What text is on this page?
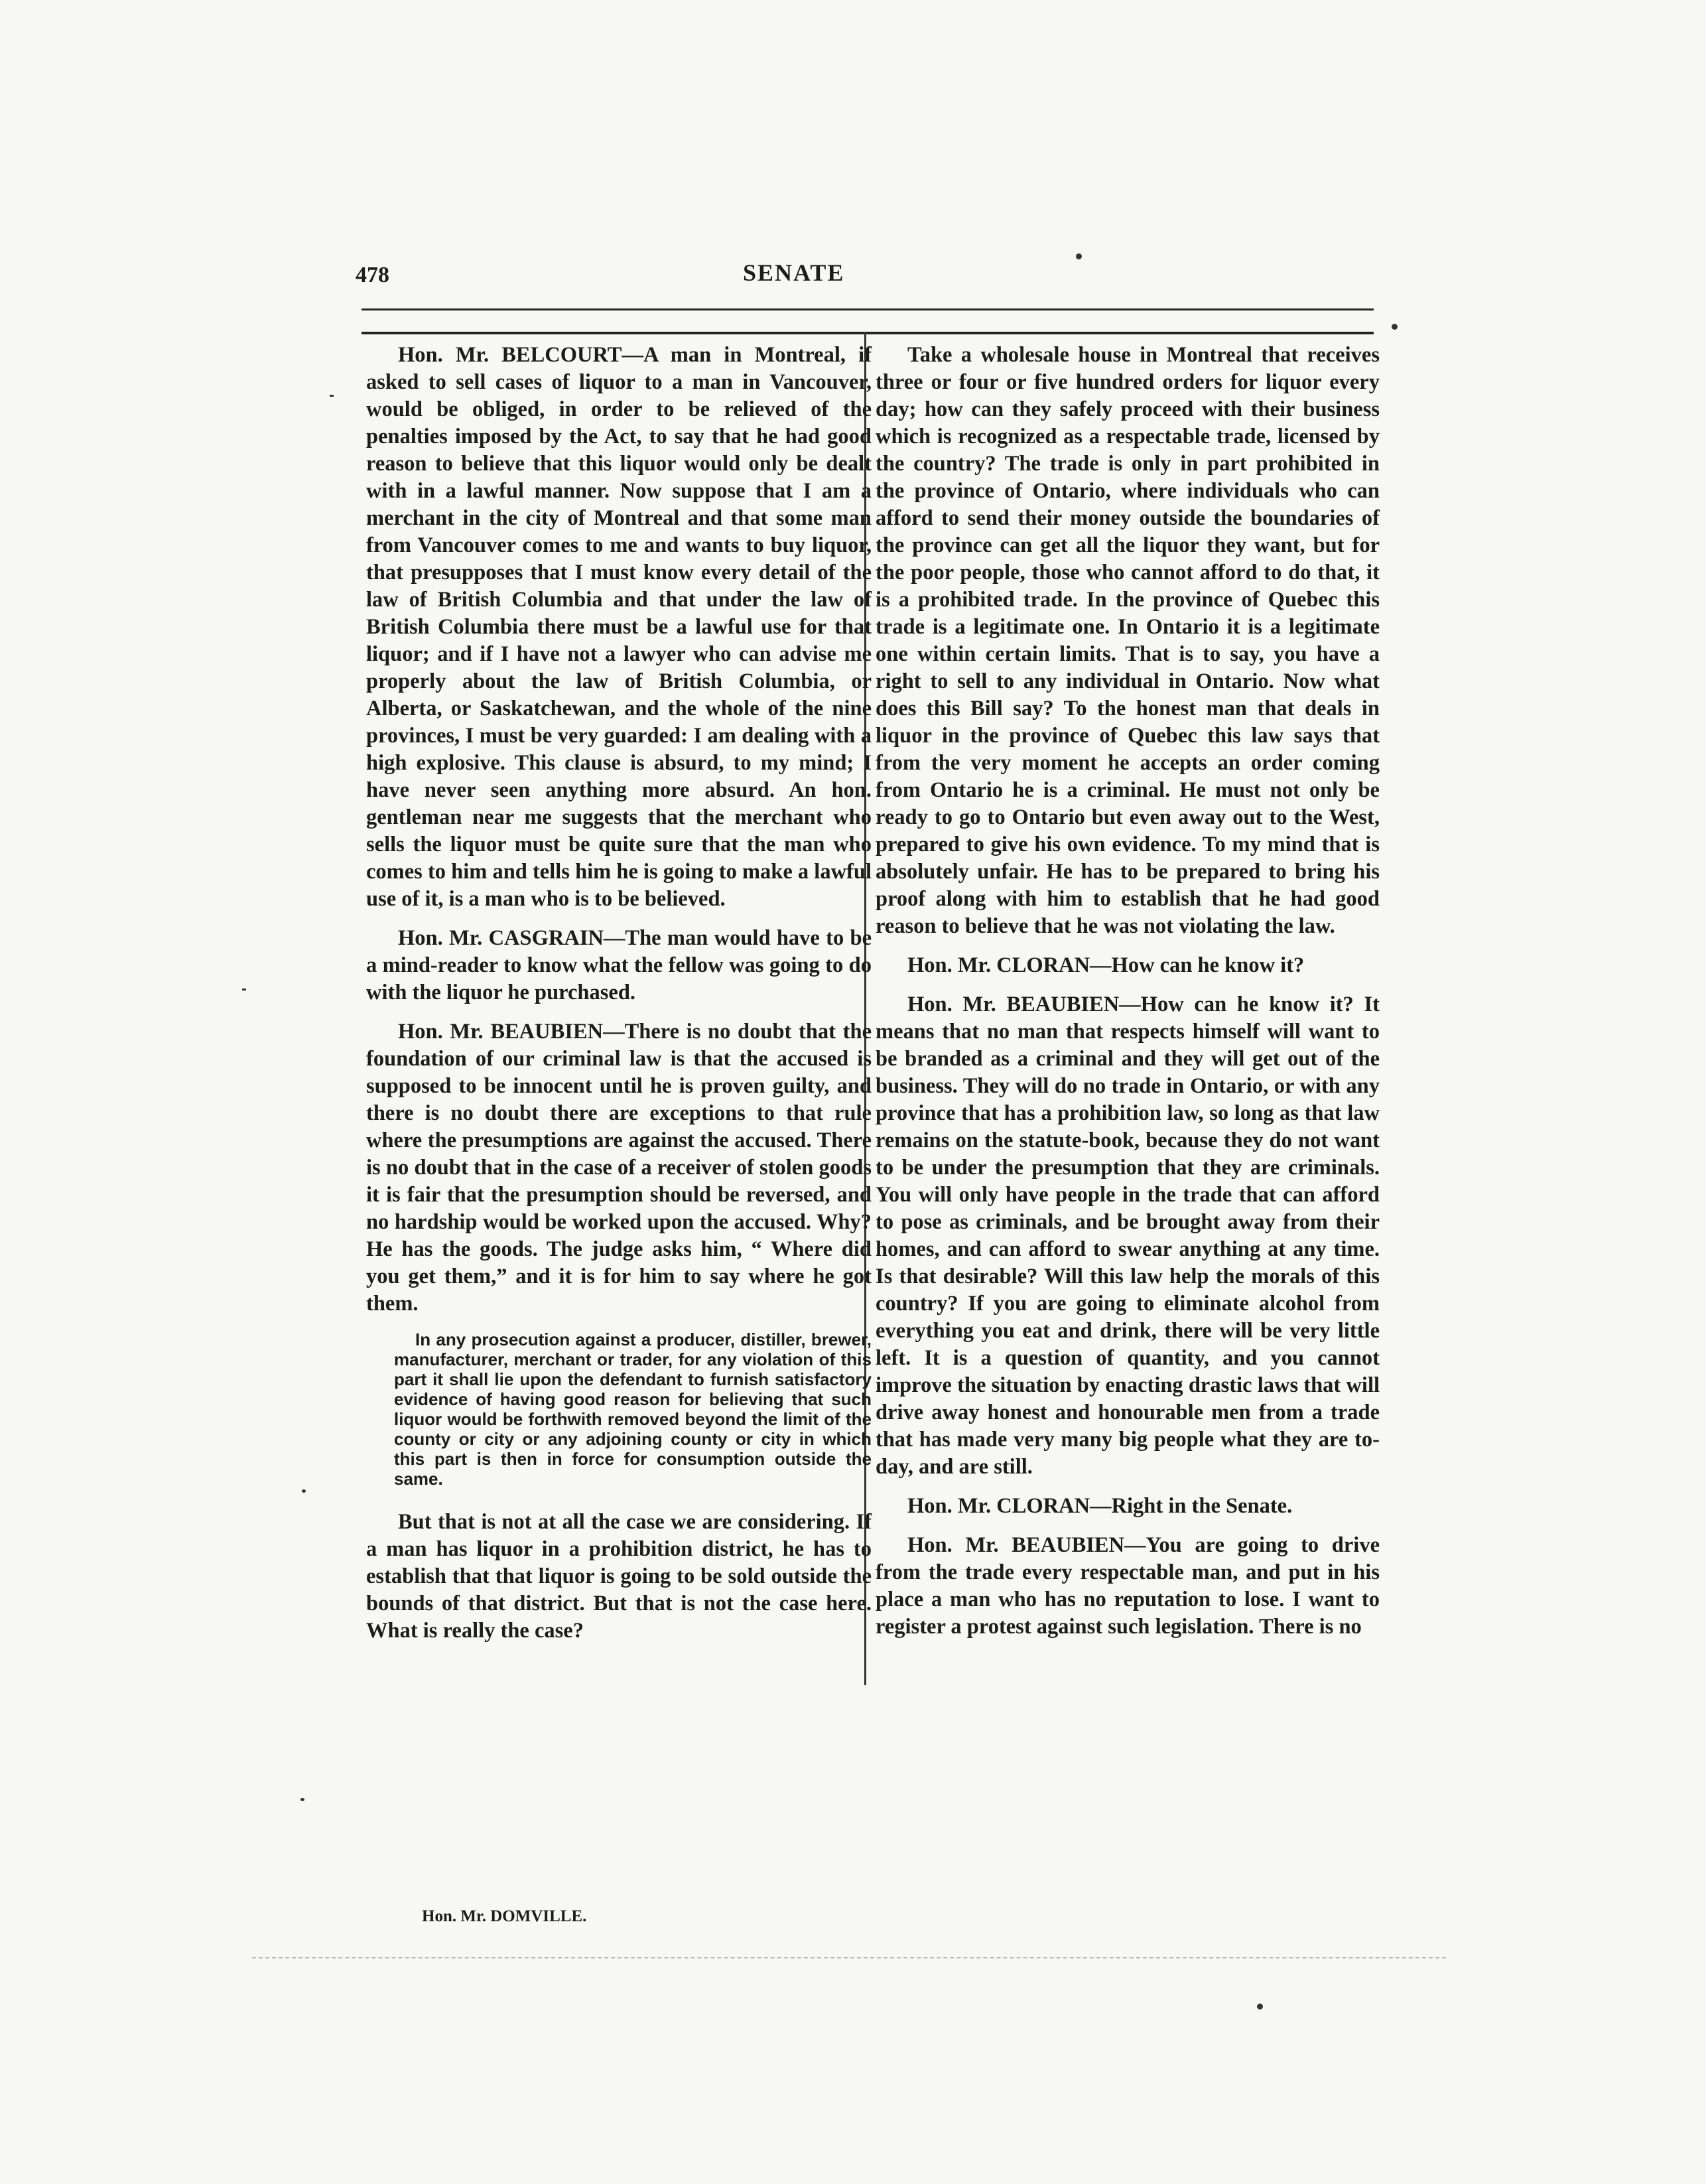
478	SENATE

Hon. Mr. BELCOURT—A man in Montreal, if asked to sell cases of liquor to a man in Vancouver, would be obliged, in order to be relieved of the penalties imposed by the Act, to say that he had good reason to believe that this liquor would only be dealt with in a lawful manner. Now suppose that I am a merchant in the city of Montreal and that some man from Vancouver comes to me and wants to buy liquor, that presupposes that I must know every detail of the law of British Columbia and that under the law of British Columbia there must be a lawful use for that liquor; and if I have not a lawyer who can advise me properly about the law of British Columbia, or Alberta, or Saskatchewan, and the whole of the nine provinces, I must be very guarded: I am dealing with a high explosive. This clause is absurd, to my mind; I have never seen anything more absurd. An hon. gentleman near me suggests that the merchant who sells the liquor must be quite sure that the man who comes to him and tells him he is going to make a lawful use of it, is a man who is to be believed.

Hon. Mr. CASGRAIN—The man would have to be a mind-reader to know what the fellow was going to do with the liquor he purchased.

Hon. Mr. BEAUBIEN—There is no doubt that the foundation of our criminal law is that the accused is supposed to be innocent until he is proven guilty, and there is no doubt there are exceptions to that rule where the presumptions are against the accused. There is no doubt that in the case of a receiver of stolen goods it is fair that the presumption should be reversed, and no hardship would be worked upon the accused. Why? He has the goods. The judge asks him, “ Where did you get them,” and it is for him to say where he got them.

In any prosecution against a producer, distiller, brewer, manufacturer, merchant or trader, for any violation of this part it shall lie upon the defendant to furnish satisfactory evidence of having good reason for believing that such liquor would be forthwith removed beyond the limit of the county or city or any adjoining county or city in which this part is then in force for consumption outside the same.

But that is not at all the case we are considering. If a man has liquor in a prohibition district, he has to establish that that liquor is going to be sold outside the bounds of that district. But that is not the case here. What is really the case?

Take a wholesale house in Montreal that receives three or four or five hundred orders for liquor every day; how can they safely proceed with their business which is recognized as a respectable trade, licensed by the country? The trade is only in part prohibited in the province of Ontario, where individuals who can afford to send their money outside the boundaries of the province can get all the liquor they want, but for the poor people, those who cannot afford to do that, it is a prohibited trade. In the province of Quebec this trade is a legitimate one. In Ontario it is a legitimate one within certain limits. That is to say, you have a right to sell to any individual in Ontario. Now what does this Bill say? To the honest man that deals in liquor in the province of Quebec this law says that from the very moment he accepts an order coming from Ontario he is a criminal. He must not only be ready to go to Ontario but even away out to the West, prepared to give his own evidence. To my mind that is absolutely unfair. He has to be prepared to bring his proof along with him to establish that he had good reason to believe that he was not violating the law.

Hon. Mr. CLORAN—How can he know it?

Hon. Mr. BEAUBIEN—How can he know it? It means that no man that respects himself will want to be branded as a criminal and they will get out of the business. They will do no trade in Ontario, or with any province that has a prohibition law, so long as that law remains on the statute-book, because they do not want to be under the presumption that they are criminals. You will only have people in the trade that can afford to pose as criminals, and be brought away from their homes, and can afford to swear anything at any time. Is that desirable? Will this law help the morals of this country? If you are going to eliminate alcohol from everything you eat and drink, there will be very little left. It is a question of quantity, and you cannot improve the situation by enacting drastic laws that will drive away honest and honourable men from a trade that has made very many big people what they are to-day, and are still.

Hon. Mr. CLORAN—Right in the Senate.

Hon. Mr. BEAUBIEN—You are going to drive from the trade every respectable man, and put in his place a man who has no reputation to lose. I want to register a protest against such legislation. There is no

Hon. Mr. DOMVILLE.
